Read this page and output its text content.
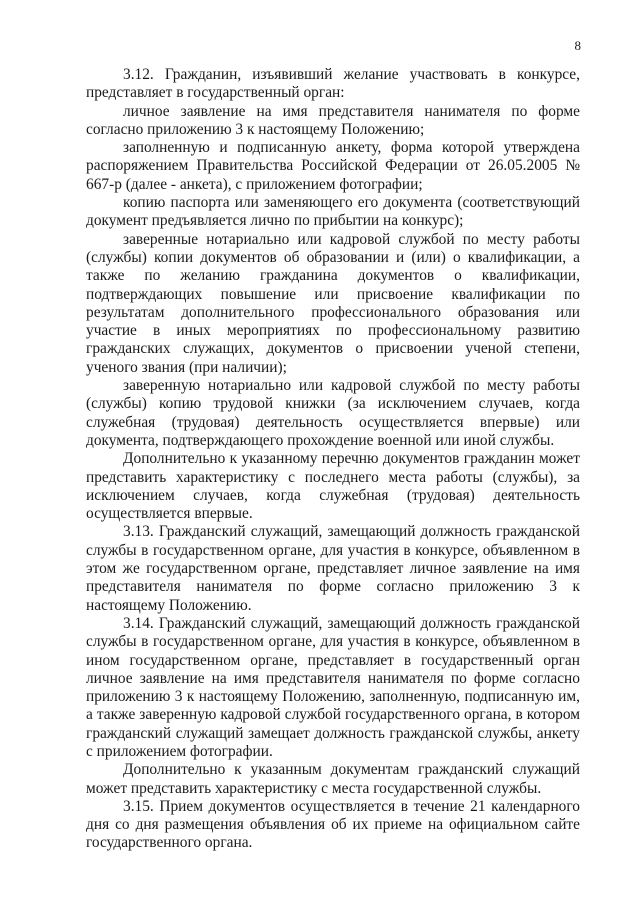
8

3.12. Гражданин, изъявивший желание участвовать в конкурсе, представляет в государственный орган:

личное заявление на имя представителя нанимателя по форме согласно приложению 3 к настоящему Положению;

заполненную и подписанную анкету, форма которой утверждена распоряжением Правительства Российской Федерации от 26.05.2005 № 667-р (далее - анкета), с приложением фотографии;

копию паспорта или заменяющего его документа (соответствующий документ предъявляется лично по прибытии на конкурс);

заверенные нотариально или кадровой службой по месту работы (службы) копии документов об образовании и (или) о квалификации, а также по желанию гражданина документов о квалификации, подтверждающих повышение или присвоение квалификации по результатам дополнительного профессионального образования или участие в иных мероприятиях по профессиональному развитию гражданских служащих, документов о присвоении ученой степени, ученого звания (при наличии);

заверенную нотариально или кадровой службой по месту работы (службы) копию трудовой книжки (за исключением случаев, когда служебная (трудовая) деятельность осуществляется впервые) или документа, подтверждающего прохождение военной или иной службы.

Дополнительно к указанному перечню документов гражданин может представить характеристику с последнего места работы (службы), за исключением случаев, когда служебная (трудовая) деятельность осуществляется впервые.

3.13. Гражданский служащий, замещающий должность гражданской службы в государственном органе, для участия в конкурсе, объявленном в этом же государственном органе, представляет личное заявление на имя представителя нанимателя по форме согласно приложению 3 к настоящему Положению.

3.14. Гражданский служащий, замещающий должность гражданской службы в государственном органе, для участия в конкурсе, объявленном в ином государственном органе, представляет в государственный орган личное заявление на имя представителя нанимателя по форме согласно приложению 3 к настоящему Положению, заполненную, подписанную им, а также заверенную кадровой службой государственного органа, в котором гражданский служащий замещает должность гражданской службы, анкету с приложением фотографии.

Дополнительно к указанным документам гражданский служащий может представить характеристику с места государственной службы.

3.15. Прием документов осуществляется в течение 21 календарного дня со дня размещения объявления об их приеме на официальном сайте государственного органа.
